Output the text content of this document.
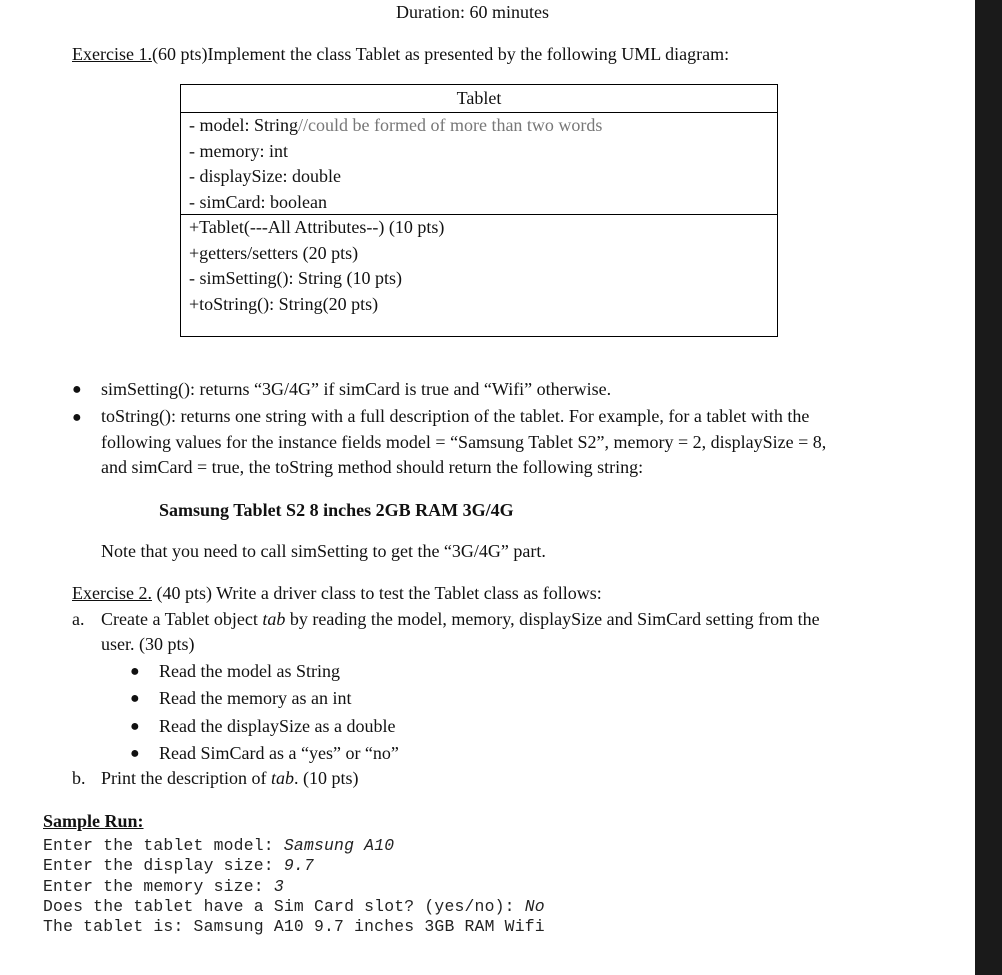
Duration: 60 minutes
Exercise 1.(60 pts)Implement the class Tablet as presented by the following UML diagram:
Tablet
- model: String//could be formed of more than two words
- memory: int
- displaySize: double
- simCard: boolean
+Tablet(---All Attributes--) (10 pts)
+getters/setters (20 pts)
- simSetting(): String (10 pts)
+toString(): String(20 pts)
● simSetting(): returns “3G/4G” if simCard is true and “Wifi” otherwise.
● toString(): returns one string with a full description of the tablet. For example, for a tablet with the
following values for the instance fields model = “Samsung Tablet S2”, memory = 2, displaySize = 8,
and simCard = true, the toString method should return the following string:
Samsung Tablet S2 8 inches 2GB RAM 3G/4G
Note that you need to call simSetting to get the “3G/4G” part.
Exercise 2. (40 pts) Write a driver class to test the Tablet class as follows:
a. Create a Tablet object tab by reading the model, memory, displaySize and SimCard setting from the
user. (30 pts)
● Read the model as String
● Read the memory as an int
● Read the displaySize as a double
● Read SimCard as a “yes” or “no”
b. Print the description of tab. (10 pts)
Sample Run:
Enter the tablet model: Samsung A10
Enter the display size: 9.7
Enter the memory size: 3
Does the tablet have a Sim Card slot? (yes/no): No
The tablet is: Samsung A10 9.7 inches 3GB RAM Wifi
